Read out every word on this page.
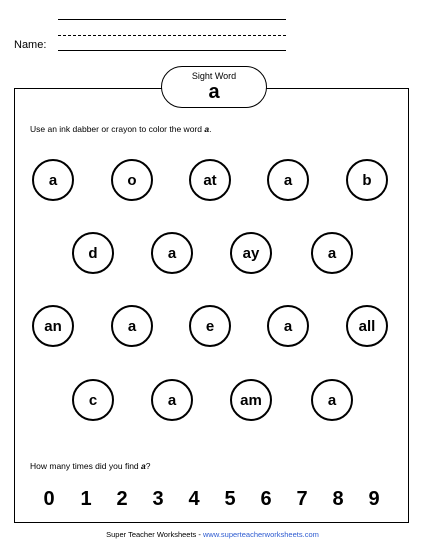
Name:
Sight Word
a
Use an ink dabber or crayon to color the word a.
a	o	at	a	b
d	a	ay	a
an	a	e	a	all
c	a	am	a
How many times did you find a?
0	1	2	3	4	5	6	7	8	9
Super Teacher Worksheets - www.superteacherworksheets.com
